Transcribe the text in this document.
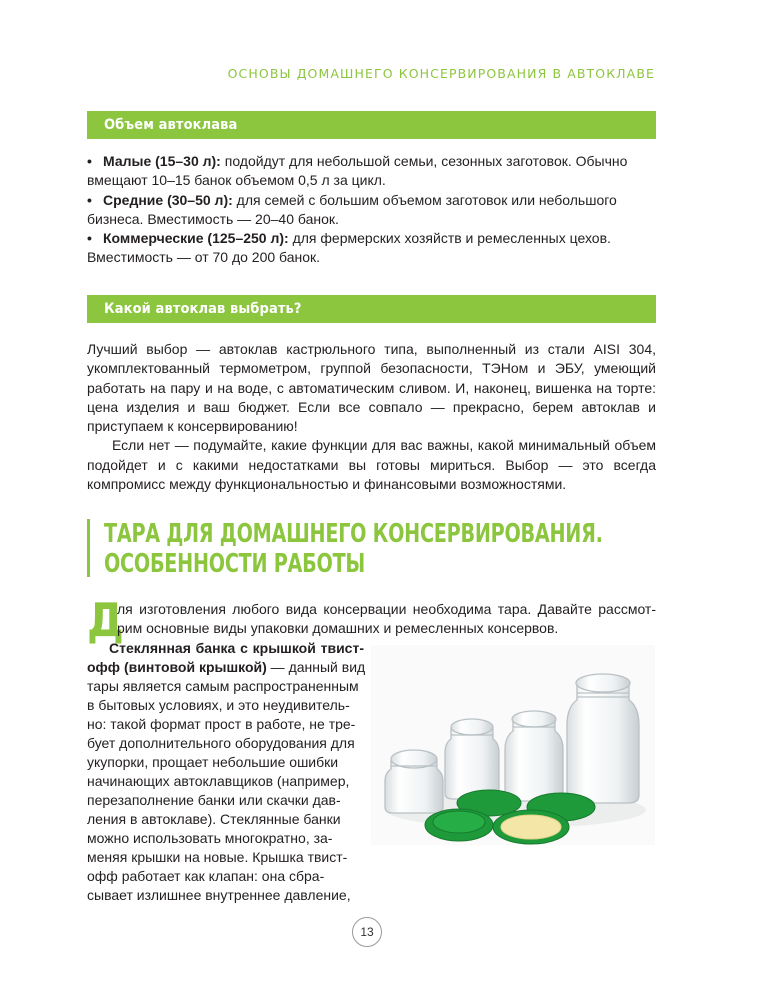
ОСНОВЫ ДОМАШНЕГО КОНСЕРВИРОВАНИЯ В АВТОКЛАВЕ
Объем автоклава

• Малые (15–30 л): подойдут для небольшой семьи, сезонных заготовок. Обычно вмещают 10–15 банок объемом 0,5 л за цикл.

• Средние (30–50 л): для семей с большим объемом заготовок или небольшого бизнеса. Вместимость — 20–40 банок.

• Коммерческие (125–250 л): для фермерских хозяйств и ремесленных цехов. Вместимость — от 70 до 200 банок.

Какой автоклав выбрать?

Лучший выбор — автоклав кастрюльного типа, выполненный из стали AISI 304, укомплектованный термометром, группой безопасности, ТЭНом и ЭБУ, умеющий работать на пару и на воде, с автоматическим сливом. И, наконец, вишенка на торте: цена изделия и ваш бюджет. Если все совпало — прекрасно, берем автоклав и приступаем к консервированию!

Если нет — подумайте, какие функции для вас важны, какой минимальный объем подойдет и с какими недостатками вы готовы мириться. Выбор — это всегда компромисс между функциональностью и финансовыми возможностями.

ТАРА ДЛЯ ДОМАШНЕГО КОНСЕРВИРОВАНИЯ.
ОСОБЕННОСТИ РАБОТЫ
Д
ля изготовления любого вида консервации необходима тара. Давайте рассмот-
рим основные виды упаковки домашних и ремесленных консервов.
Стеклянная банка с крышкой твист-
офф (винтовой крышкой) — данный вид
тары является самым распространенным
в бытовых условиях, и это неудивитель-
но: такой формат прост в работе, не тре-
бует дополнительного оборудования для
укупорки, прощает небольшие ошибки
начинающих автоклавщиков (например,
перезаполнение банки или скачки дав-
ления в автоклаве). Стеклянные банки
можно использовать многократно, за-
меняя крышки на новые. Крышка твист-
офф работает как клапан: она сбра-
сывает излишнее внутреннее давление,
13
